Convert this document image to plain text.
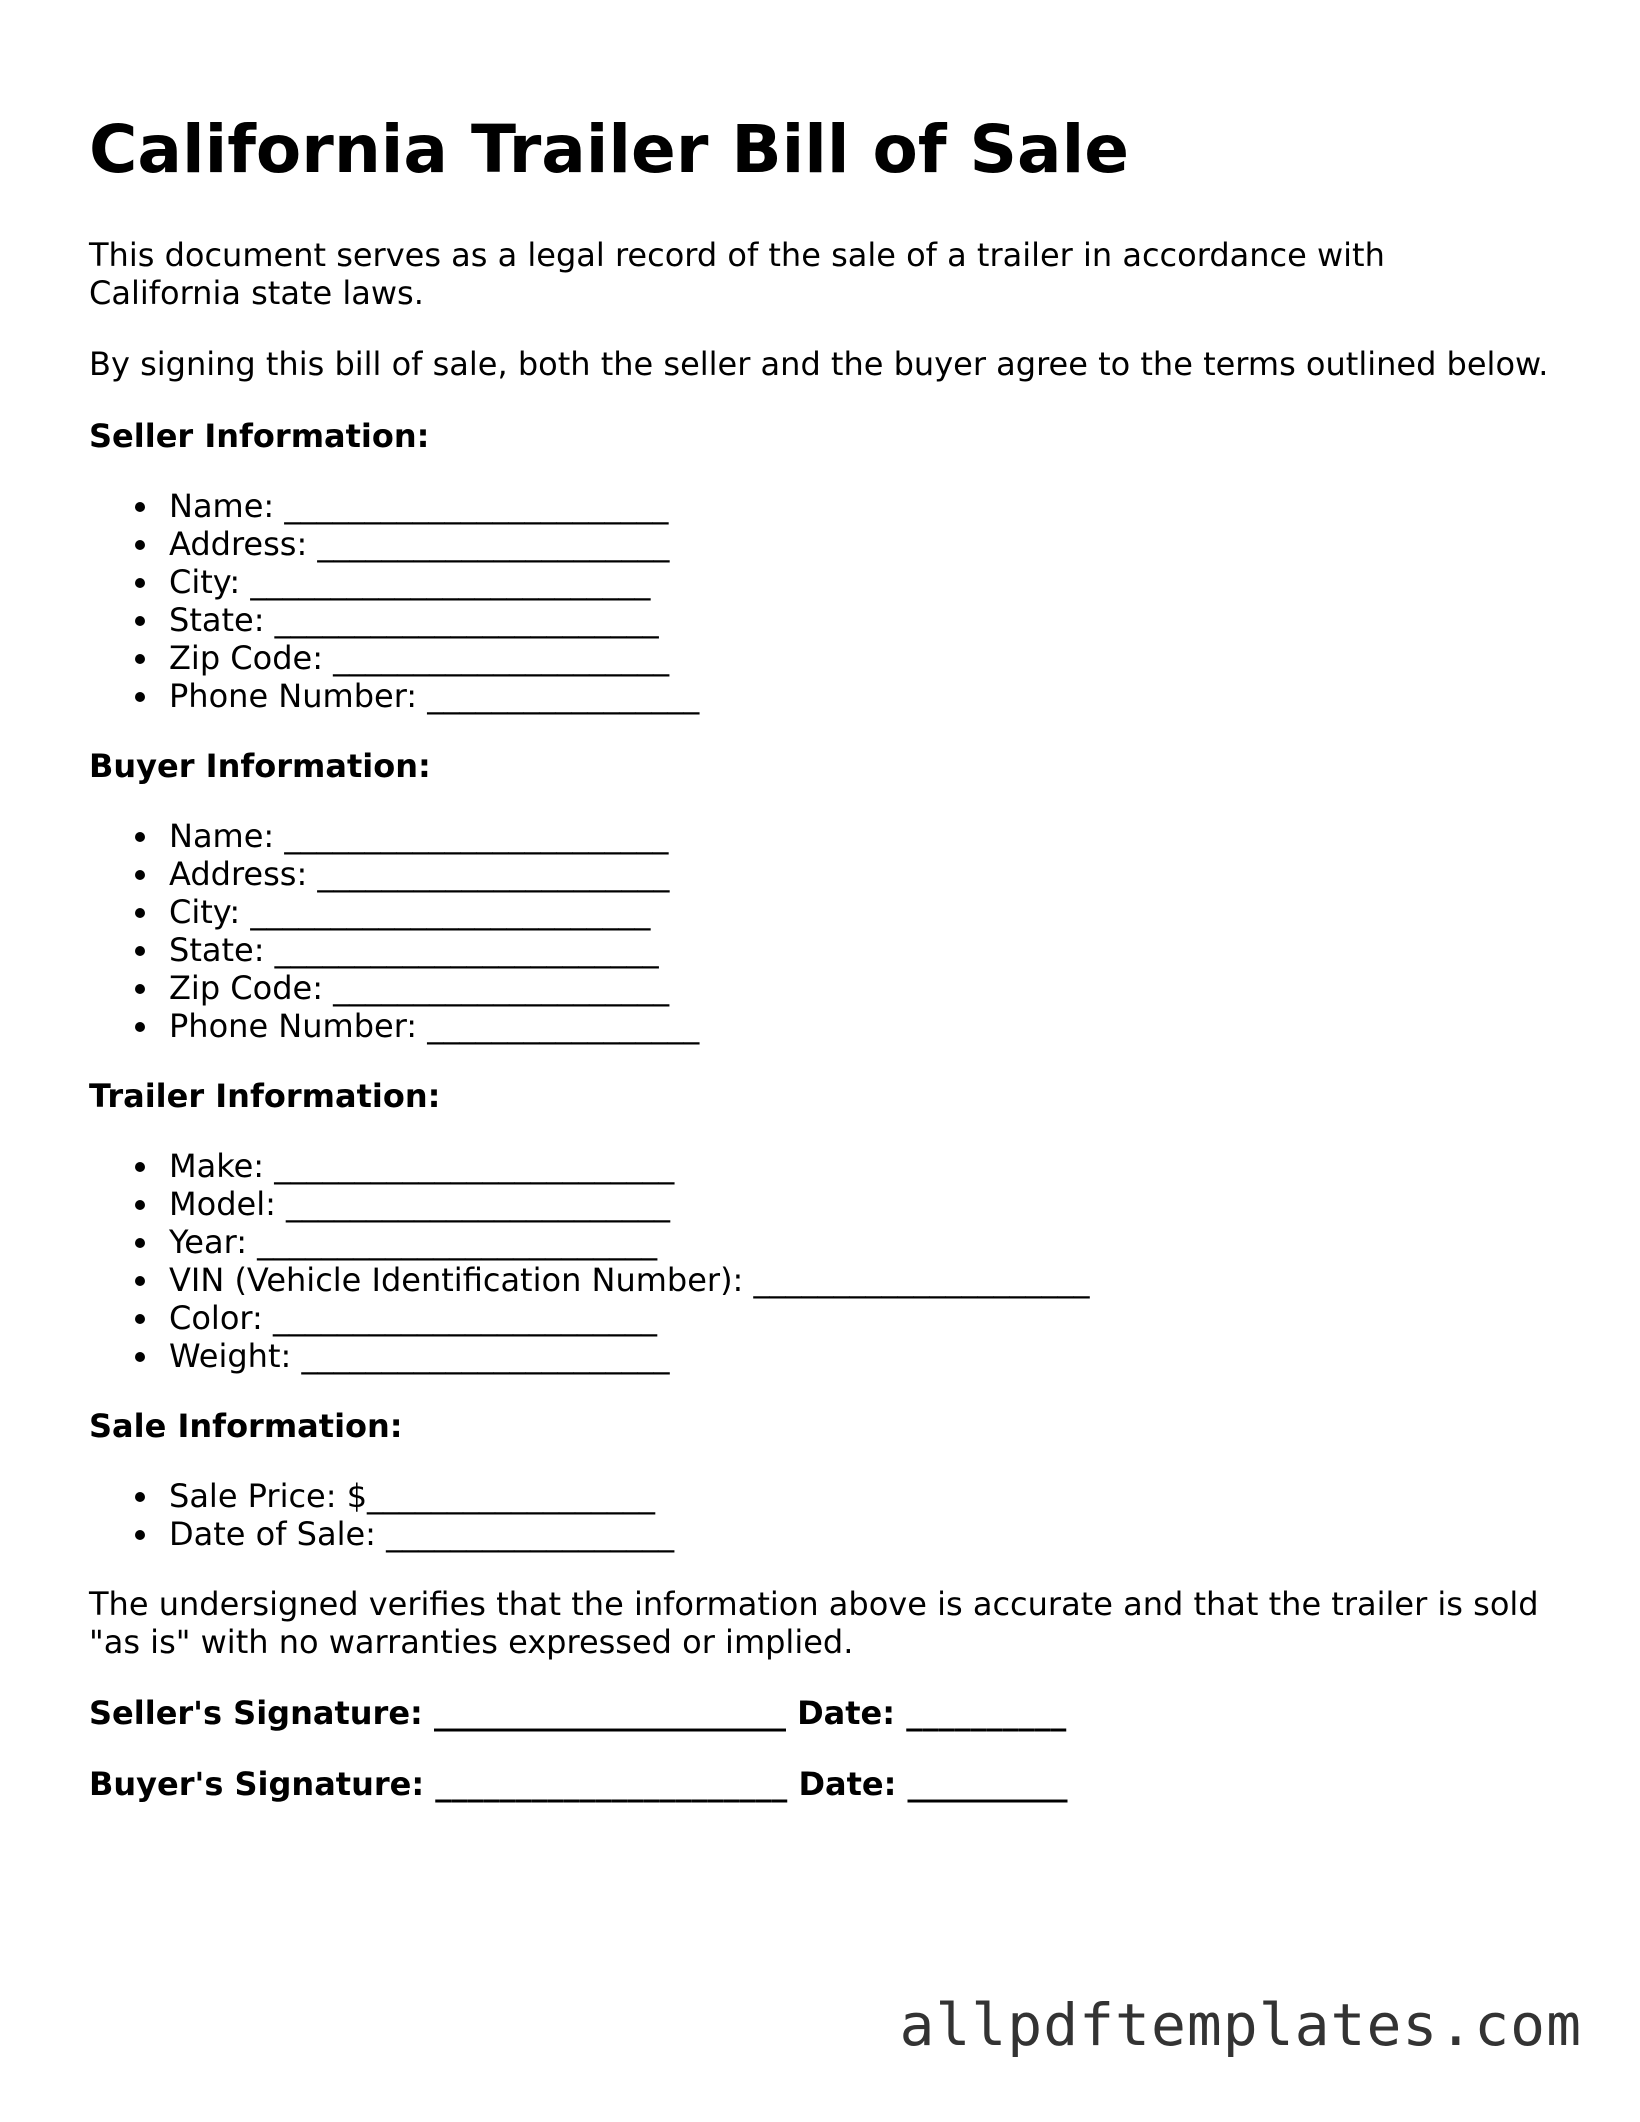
California Trailer Bill of Sale

This document serves as a legal record of the sale of a trailer in accordance with California state laws.

By signing this bill of sale, both the seller and the buyer agree to the terms outlined below.

Seller Information:
Name: ________________________
Address: ______________________
City: _________________________
State: ________________________
Zip Code: _____________________
Phone Number: _________________
Buyer Information:
Name: ________________________
Address: ______________________
City: _________________________
State: ________________________
Zip Code: _____________________
Phone Number: _________________
Trailer Information:
Make: _________________________
Model: ________________________
Year: _________________________
VIN (Vehicle Identification Number): _____________________
Color: ________________________
Weight: _______________________
Sale Information:
Sale Price: $__________________
Date of Sale: __________________

The undersigned verifies that the information above is accurate and that the trailer is sold "as is" with no warranties expressed or implied.

Seller's Signature: ______________________ Date: __________
Buyer's Signature: ______________________ Date: __________
allpdftemplates.com
